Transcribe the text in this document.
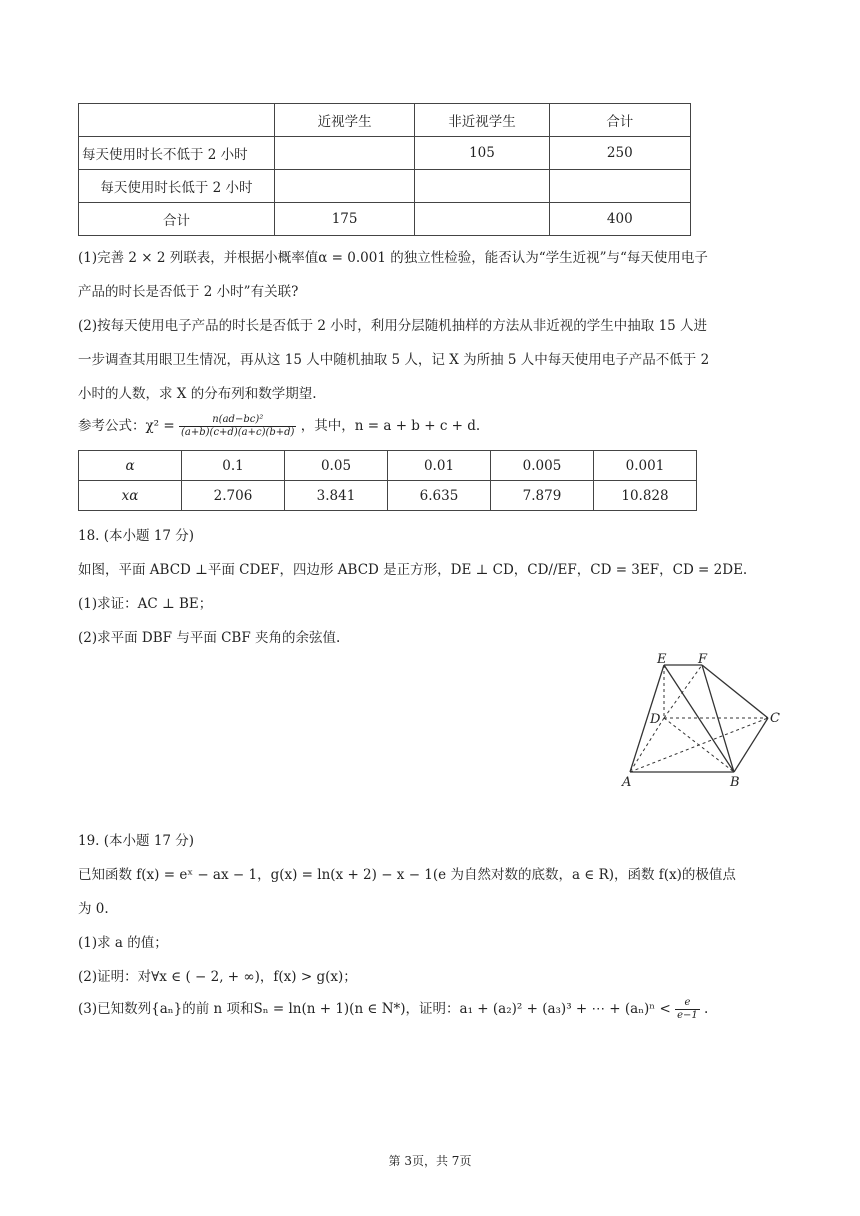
	近视学生	非近视学生	合计
每天使用时长不低于 2 小时		105	250
每天使用时长低于 2 小时			
合计	175		400
(1)完善 2 × 2 列联表，并根据小概率值α = 0.001 的独立性检验，能否认为“学生近视”与“每天使用电子
产品的时长是否低于 2 小时”有关联?
(2)按每天使用电子产品的时长是否低于 2 小时，利用分层随机抽样的方法从非近视的学生中抽取 15 人进
一步调查其用眼卫生情况，再从这 15 人中随机抽取 5 人，记 X 为所抽 5 人中每天使用电子产品不低于 2
小时的人数，求 X 的分布列和数学期望.
参考公式：$\chi^2 = \frac{\text{n(ad−bc)²}}{(a+b)(c+d)(a+c)(b+d)}$ ，其中，n = a + b + c + d.
α	0.1	0.05	0.01	0.005	0.001
xα	2.706	3.841	6.635	7.879	10.828
18. (本小题 17 分)
如图，平面 ABCD ⊥平面 CDEF，四边形 ABCD 是正方形，DE ⊥ CD，CD//EF，CD = 3EF，CD = 2DE.
(1)求证：AC ⊥ BE；
(2)求平面 DBF 与平面 CBF 夹角的余弦值.
E F
D	C
A	B
19. (本小题 17 分)
已知函数 f(x) = eˣ − ax − 1，g(x) = ln(x + 2) − x − 1(e 为自然对数的底数，a ∈ R)，函数 f(x)的极值点
为 0.
(1)求 a 的值；
(2)证明：对∀x ∈ ( − 2, + ∞)，f(x) > g(x)；
(3)已知数列{aₙ}的前 n 项和Sₙ = ln(n + 1)(n ∈ N*)，证明：a₁ + (a₂)² + (a₃)³ + ⋯ + $(a_n)^n < \frac{e}{e-1}$ .
第 3页，共 7页
